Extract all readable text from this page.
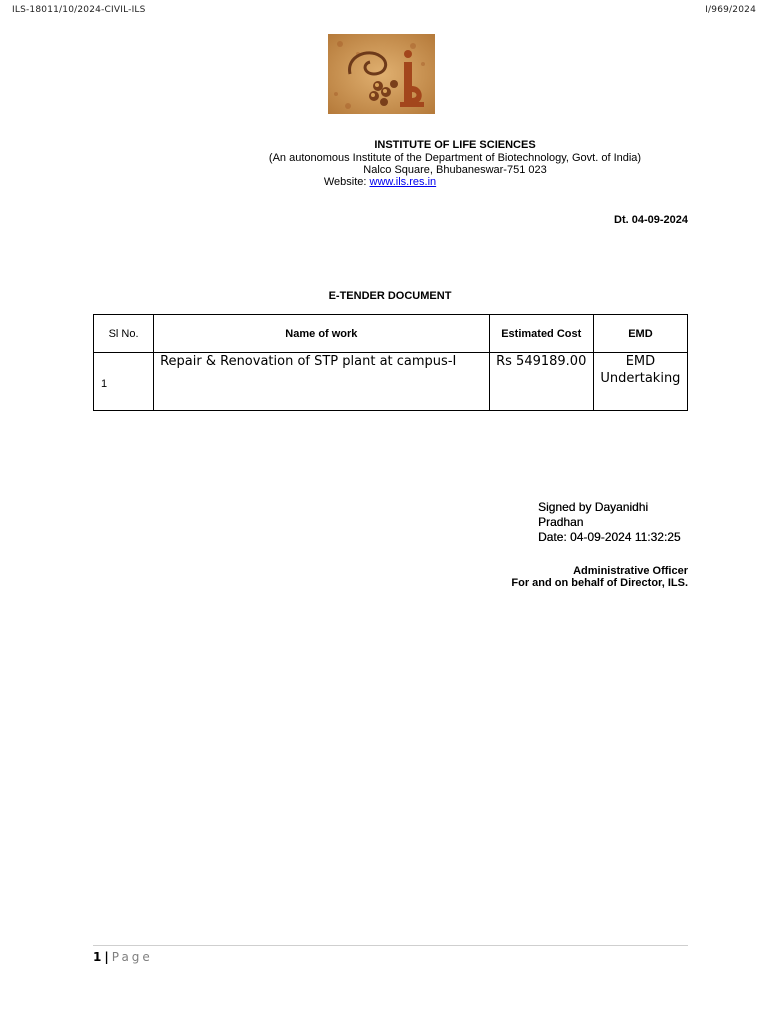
ILS-18011/10/2024-CIVIL-ILS	I/969/2024
INSTITUTE OF LIFE SCIENCES
(An autonomous Institute of the Department of Biotechnology, Govt. of India)
Nalco Square, Bhubaneswar-751 023
Website: www.ils.res.in
Dt. 04-09-2024
E-TENDER DOCUMENT
Sl No.	Name of work	Estimated Cost	EMD

1	Repair & Renovation of STP plant at campus-I	Rs 549189.00	EMD Undertaking
Signed by Dayanidhi
Pradhan
Date: 04-09-2024 11:32:25
Administrative Officer
For and on behalf of Director, ILS.
1 | Page
